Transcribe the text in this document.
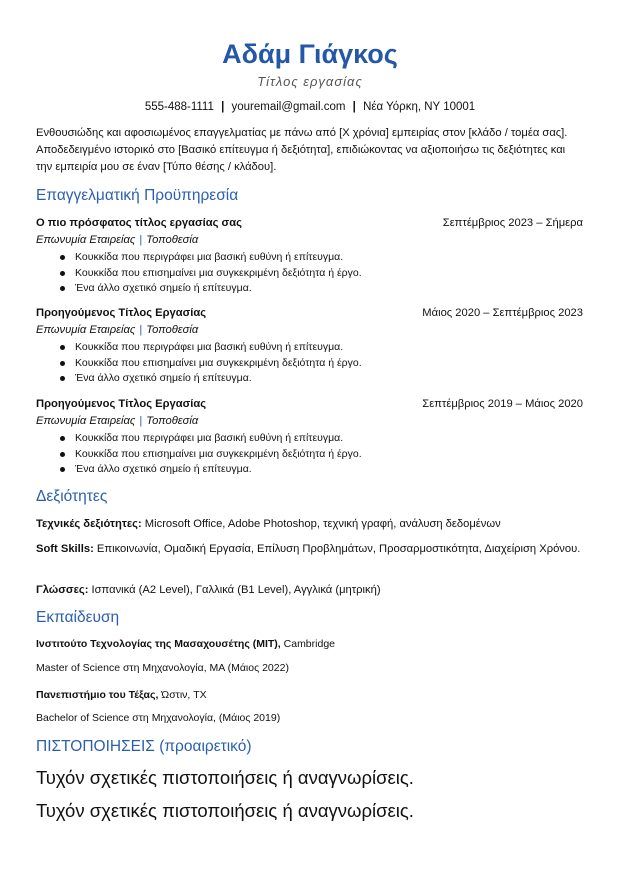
Αδάμ Γιάγκος
Τίτλος εργασίας
555-488-1111 | youremail@gmail.com | Νέα Υόρκη, NY 10001
Ενθουσιώδης και αφοσιωμένος επαγγελματίας με πάνω από [X χρόνια] εμπειρίας στον [κλάδο / τομέα σας]. Αποδεδειγμένο ιστορικό στο [Βασικό επίτευγμα ή δεξιότητα], επιδιώκοντας να αξιοποιήσω τις δεξιότητες και την εμπειρία μου σε έναν [Τύπο θέσης / κλάδου].
Επαγγελματική Προϋπηρεσία
Ο πιο πρόσφατος τίτλος εργασίας σας	Σεπτέμβριος 2023 – Σήμερα
Επωνυμία Εταιρείας | Τοποθεσία
Κουκκίδα που περιγράφει μια βασική ευθύνη ή επίτευγμα.
Κουκκίδα που επισημαίνει μια συγκεκριμένη δεξιότητα ή έργο.
Ένα άλλο σχετικό σημείο ή επίτευγμα.
Προηγούμενος Τίτλος Εργασίας	Μάιος 2020 – Σεπτέμβριος 2023
Επωνυμία Εταιρείας | Τοποθεσία
Κουκκίδα που περιγράφει μια βασική ευθύνη ή επίτευγμα.
Κουκκίδα που επισημαίνει μια συγκεκριμένη δεξιότητα ή έργο.
Ένα άλλο σχετικό σημείο ή επίτευγμα.
Προηγούμενος Τίτλος Εργασίας	Σεπτέμβριος 2019 – Μάιος 2020
Επωνυμία Εταιρείας | Τοποθεσία
Κουκκίδα που περιγράφει μια βασική ευθύνη ή επίτευγμα.
Κουκκίδα που επισημαίνει μια συγκεκριμένη δεξιότητα ή έργο.
Ένα άλλο σχετικό σημείο ή επίτευγμα.
Δεξιότητες
Τεχνικές δεξιότητες: Microsoft Office, Adobe Photoshop, τεχνική γραφή, ανάλυση δεδομένων
Soft Skills: Επικοινωνία, Ομαδική Εργασία, Επίλυση Προβλημάτων, Προσαρμοστικότητα, Διαχείριση Χρόνου.
Γλώσσες: Ισπανικά (A2 Level), Γαλλικά (B1 Level), Αγγλικά (μητρική)
Εκπαίδευση
Ινστιτούτο Τεχνολογίας της Μασαχουσέτης (MIT), Cambridge
Master of Science στη Μηχανολογία, MA (Μάιος 2022)
Πανεπιστήμιο του Τέξας, Ώστιν, TX
Bachelor of Science στη Μηχανολογία, (Μάιος 2019)
ΠΙΣΤΟΠΟΙΗΣΕΙΣ (προαιρετικό)
Τυχόν σχετικές πιστοποιήσεις ή αναγνωρίσεις.
Τυχόν σχετικές πιστοποιήσεις ή αναγνωρίσεις.
